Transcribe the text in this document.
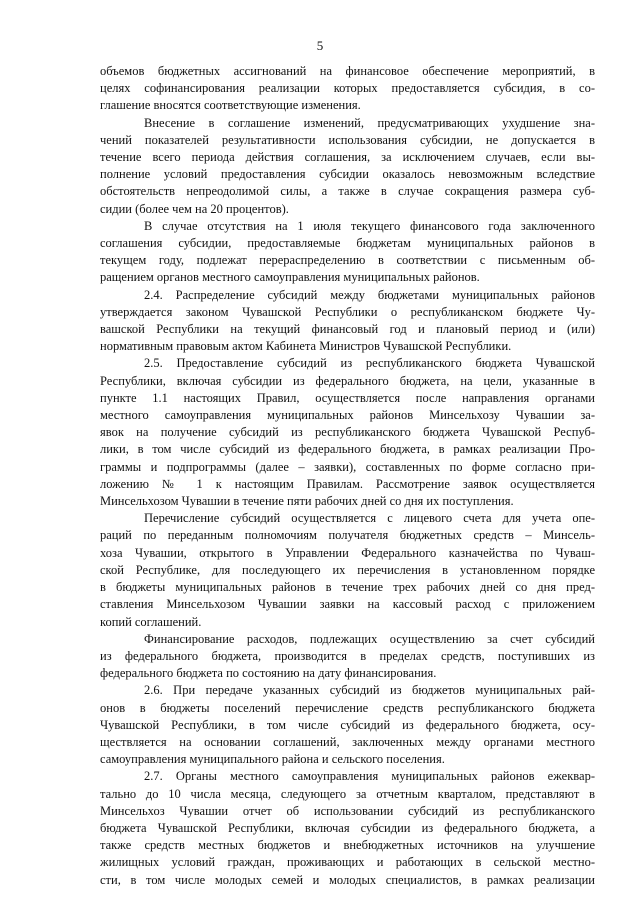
5
объемов бюджетных ассигнований на финансовое обеспечение мероприятий, в
целях софинансирования реализации которых предоставляется субсидия, в со-
глашение вносятся соответствующие изменения.
Внесение в соглашение изменений, предусматривающих ухудшение зна-
чений показателей результативности использования субсидии, не допускается в
течение всего периода действия соглашения, за исключением случаев, если вы-
полнение условий предоставления субсидии оказалось невозможным вследствие
обстоятельств непреодолимой силы, а также в случае сокращения размера суб-
сидии (более чем на 20 процентов).
В случае отсутствия на 1 июля текущего финансового года заключенного
соглашения субсидии, предоставляемые бюджетам муниципальных районов в
текущем году, подлежат перераспределению в соответствии с письменным об-
ращением органов местного самоуправления муниципальных районов.
2.4. Распределение субсидий между бюджетами муниципальных районов
утверждается законом Чувашской Республики о республиканском бюджете Чу-
вашской Республики на текущий финансовый год и плановый период и (или)
нормативным правовым актом Кабинета Министров Чувашской Республики.
2.5. Предоставление субсидий из республиканского бюджета Чувашской
Республики, включая субсидии из федерального бюджета, на цели, указанные в
пункте 1.1 настоящих Правил, осуществляется после направления органами
местного самоуправления муниципальных районов Минсельхозу Чувашии за-
явок на получение субсидий из республиканского бюджета Чувашской Респуб-
лики, в том числе субсидий из федерального бюджета, в рамках реализации Про-
граммы и подпрограммы (далее – заявки), составленных по форме согласно при-
ложению № 1 к настоящим Правилам. Рассмотрение заявок осуществляется
Минсельхозом Чувашии в течение пяти рабочих дней со дня их поступления.
Перечисление субсидий осуществляется с лицевого счета для учета опе-
раций по переданным полномочиям получателя бюджетных средств – Минсель-
хоза Чувашии, открытого в Управлении Федерального казначейства по Чуваш-
ской Республике, для последующего их перечисления в установленном порядке
в бюджеты муниципальных районов в течение трех рабочих дней со дня пред-
ставления Минсельхозом Чувашии заявки на кассовый расход с приложением
копий соглашений.
Финансирование расходов, подлежащих осуществлению за счет субсидий
из федерального бюджета, производится в пределах средств, поступивших из
федерального бюджета по состоянию на дату финансирования.
2.6. При передаче указанных субсидий из бюджетов муниципальных рай-
онов в бюджеты поселений перечисление средств республиканского бюджета
Чувашской Республики, в том числе субсидий из федерального бюджета, осу-
ществляется на основании соглашений, заключенных между органами местного
самоуправления муниципального района и сельского поселения.
2.7. Органы местного самоуправления муниципальных районов ежеквар-
тально до 10 числа месяца, следующего за отчетным кварталом, представляют в
Минсельхоз Чувашии отчет об использовании субсидий из республиканского
бюджета Чувашской Республики, включая субсидии из федерального бюджета, а
также средств местных бюджетов и внебюджетных источников на улучшение
жилищных условий граждан, проживающих и работающих в сельской местно-
сти, в том числе молодых семей и молодых специалистов, в рамках реализации
